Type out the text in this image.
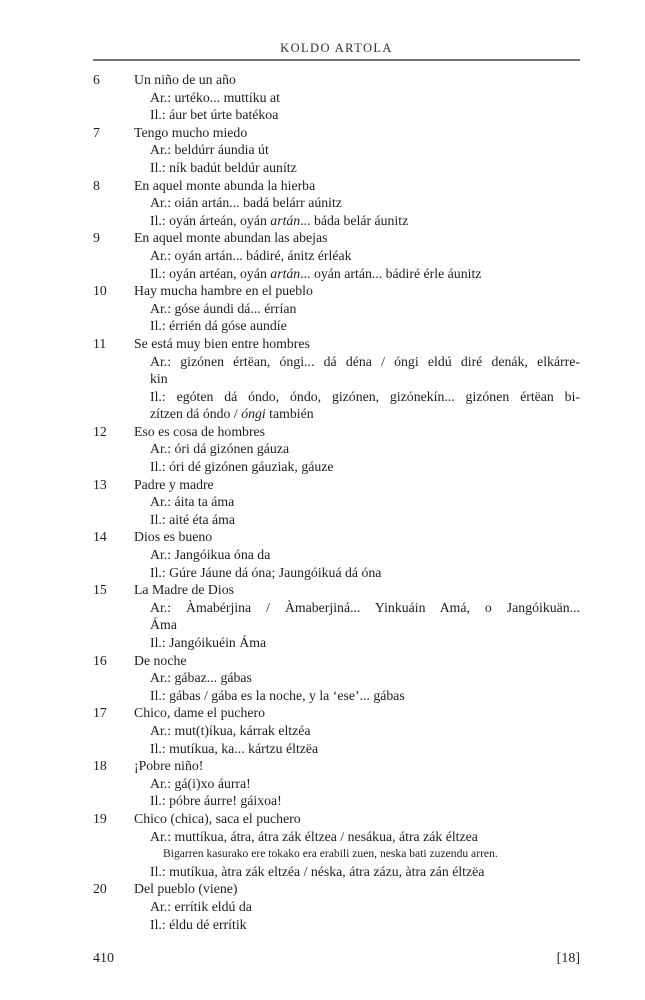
KOLDO ARTOLA
6	Un niño de un año
Ar.: urtéko... muttíku at
Il.: áur bet úrte batékoa
7	Tengo mucho miedo
Ar.: beldúrr áundia út
Il.: ník badút beldúr aunítz
8	En aquel monte abunda la hierba
Ar.: oián artán... badá belárr aúnitz
Il.: oyán árteán, oyán artán... báda belár áunitz
9	En aquel monte abundan las abejas
Ar.: oyán artán... bádiré, ánitz érléak
Il.: oyán artéan, oyán artán... oyán artán... bádiré érle áunitz
10	Hay mucha hambre en el pueblo
Ar.: góse áundi dá... érrían
Il.: érrién dá góse aundíe
11	Se está muy bien entre hombres
Ar.: gizónen értëan, óngi... dá déna / óngi eldú diré denák, elkárre-
kin
Il.: egóten dá óndo, óndo, gizónen, gizónekín... gizónen értëan bi-
zítzen dá óndo / óngi también
12	Eso es cosa de hombres
Ar.: óri dá gizónen gáuza
Il.: óri dé gizónen gáuziak, gáuze
13	Padre y madre
Ar.: áita ta áma
Il.: aité éta áma
14	Dios es bueno
Ar.: Jangóikua óna da
Il.: Gúre Jáune dá óna; Jaungóikuá dá óna
15	La Madre de Dios
Ar.: Àmabérjina / Àmaberjiná... Yinkuáin Amá, o Jangóikuän...
Áma
Il.: Jangóikuéin Áma
16	De noche
Ar.: gábaz... gábas
Il.: gábas / gába es la noche, y la ‘ese’... gábas
17	Chico, dame el puchero
Ar.: mut(t)íkua, kárrak eltzéa
Il.: mutíkua, ka... kártzu éltzëa
18	¡Pobre niño!
Ar.: gá(i)xo áurra!
Il.: póbre áurre! gáixoa!
19	Chico (chica), saca el puchero
Ar.: muttíkua, átra, átra zák éltzea / nesákua, átra zák éltzea
Bigarren kasurako ere tokako era erabili zuen, neska bati zuzendu arren.
Il.: mutíkua, àtra zák eltzéa / néska, átra zázu, àtra zán éltzëa
20	Del pueblo (viene)
Ar.: errítik eldú da
Il.: éldu dé errítik
410	[18]
